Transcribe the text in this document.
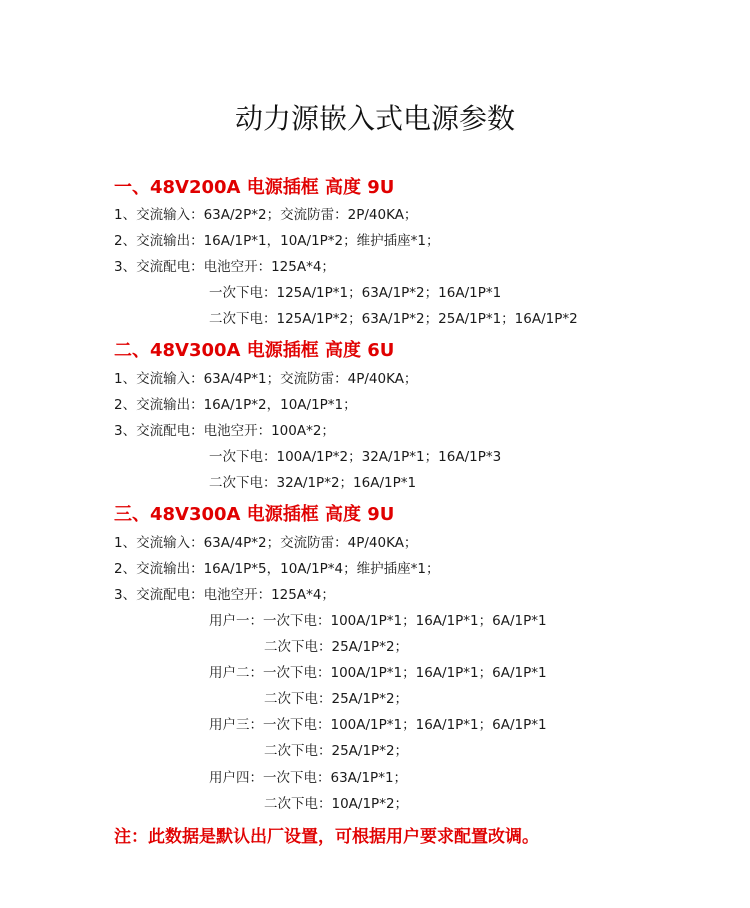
动力源嵌入式电源参数
一、48V200A 电源插框 高度 9U
1、交流输入：63A/2P*2；交流防雷：2P/40KA；
2、交流输出：16A/1P*1，10A/1P*2；维护插座*1；
3、交流配电：电池空开：125A*4；
一次下电：125A/1P*1；63A/1P*2；16A/1P*1
二次下电：125A/1P*2；63A/1P*2；25A/1P*1；16A/1P*2
二、48V300A 电源插框 高度 6U
1、交流输入：63A/4P*1；交流防雷：4P/40KA；
2、交流输出：16A/1P*2，10A/1P*1；
3、交流配电：电池空开：100A*2；
一次下电：100A/1P*2；32A/1P*1；16A/1P*3
二次下电：32A/1P*2；16A/1P*1
三、48V300A 电源插框 高度 9U
1、交流输入：63A/4P*2；交流防雷：4P/40KA；
2、交流输出：16A/1P*5，10A/1P*4；维护插座*1；
3、交流配电：电池空开：125A*4；
用户一：一次下电：100A/1P*1；16A/1P*1；6A/1P*1
二次下电：25A/1P*2；
用户二：一次下电：100A/1P*1；16A/1P*1；6A/1P*1
二次下电：25A/1P*2；
用户三：一次下电：100A/1P*1；16A/1P*1；6A/1P*1
二次下电：25A/1P*2；
用户四：一次下电：63A/1P*1；
二次下电：10A/1P*2；
注：此数据是默认出厂设置，可根据用户要求配置改调。
